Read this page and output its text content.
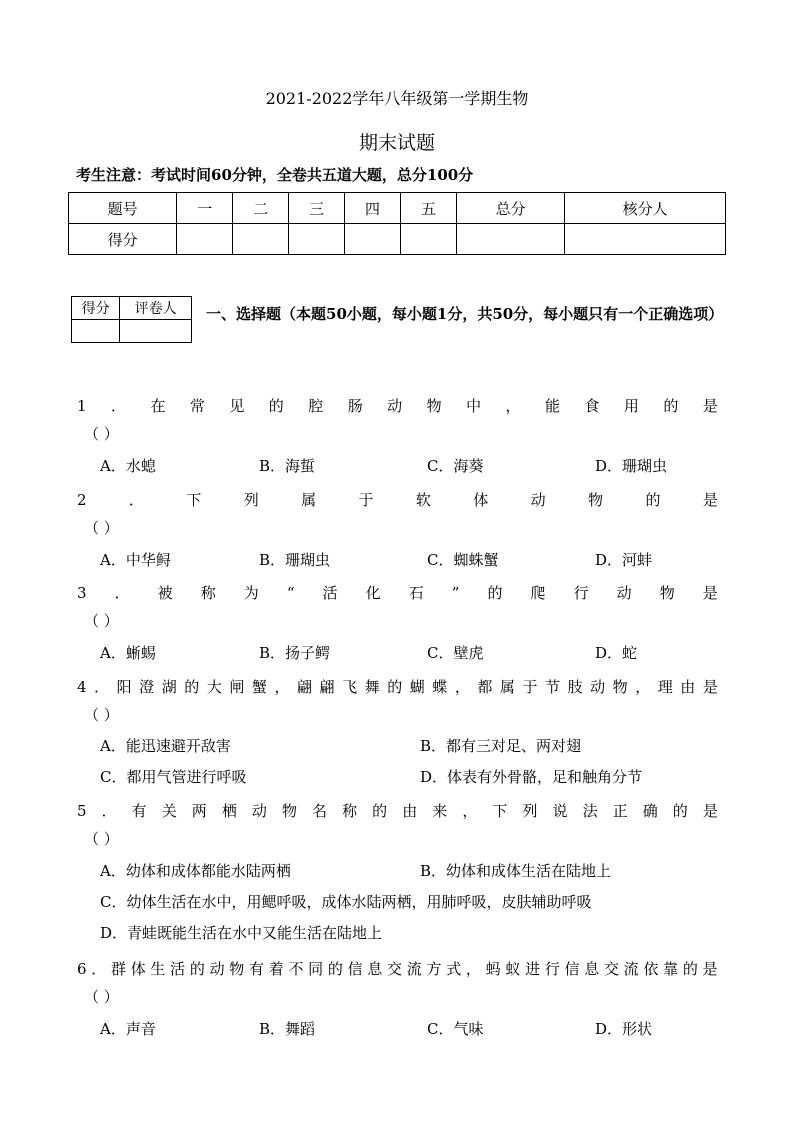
2021-2022学年八年级第一学期生物
期末试题
考生注意：考试时间60分钟，全卷共五道大题，总分100分
题号	一	二	三	四	五	总分	核分人
得分							
得分	评卷人
	一、选择题（本题50小题，每小题1分，共50分，每小题只有一个正确选项）
1 ． 在 常 见 的 腔 肠 动 物 中 ， 能 食 用 的 是
（ ）
A．水螅	B．海蜇	C．海葵	D．珊瑚虫
2	．	下	列	属	于	软	体	动	物	的	是
（ ）
A．中华鲟	B．珊瑚虫	C．蜘蛛蟹	D．河蚌
3 ． 被 称 为 “ 活 化 石 ” 的 爬 行 动 物 是
（ ）
A．蜥蜴	B．扬子鳄	C．壁虎	D．蛇
4 ． 阳 澄 湖 的 大 闸 蟹 ， 翩 翩 飞 舞 的 蝴 蝶 ， 都 属 于 节 肢 动 物 ， 理 由 是
（ ）
A．能迅速避开敌害	B．都有三对足、两对翅
C．都用气管进行呼吸	D．体表有外骨骼，足和触角分节
5 ． 有 关 两 栖 动 物 名 称 的 由 来 ， 下 列 说 法 正 确 的 是
（ ）
A．幼体和成体都能水陆两栖	B．幼体和成体生活在陆地上
C．幼体生活在水中，用鳃呼吸，成体水陆两栖，用肺呼吸，皮肤辅助呼吸
D．青蛙既能生活在水中又能生活在陆地上
6 ． 群 体 生 活 的 动 物 有 着 不 同 的 信 息 交 流 方 式 ， 蚂 蚁 进 行 信 息 交 流 依 靠 的 是
（ ）
A．声音	B．舞蹈	C．气味	D．形状
